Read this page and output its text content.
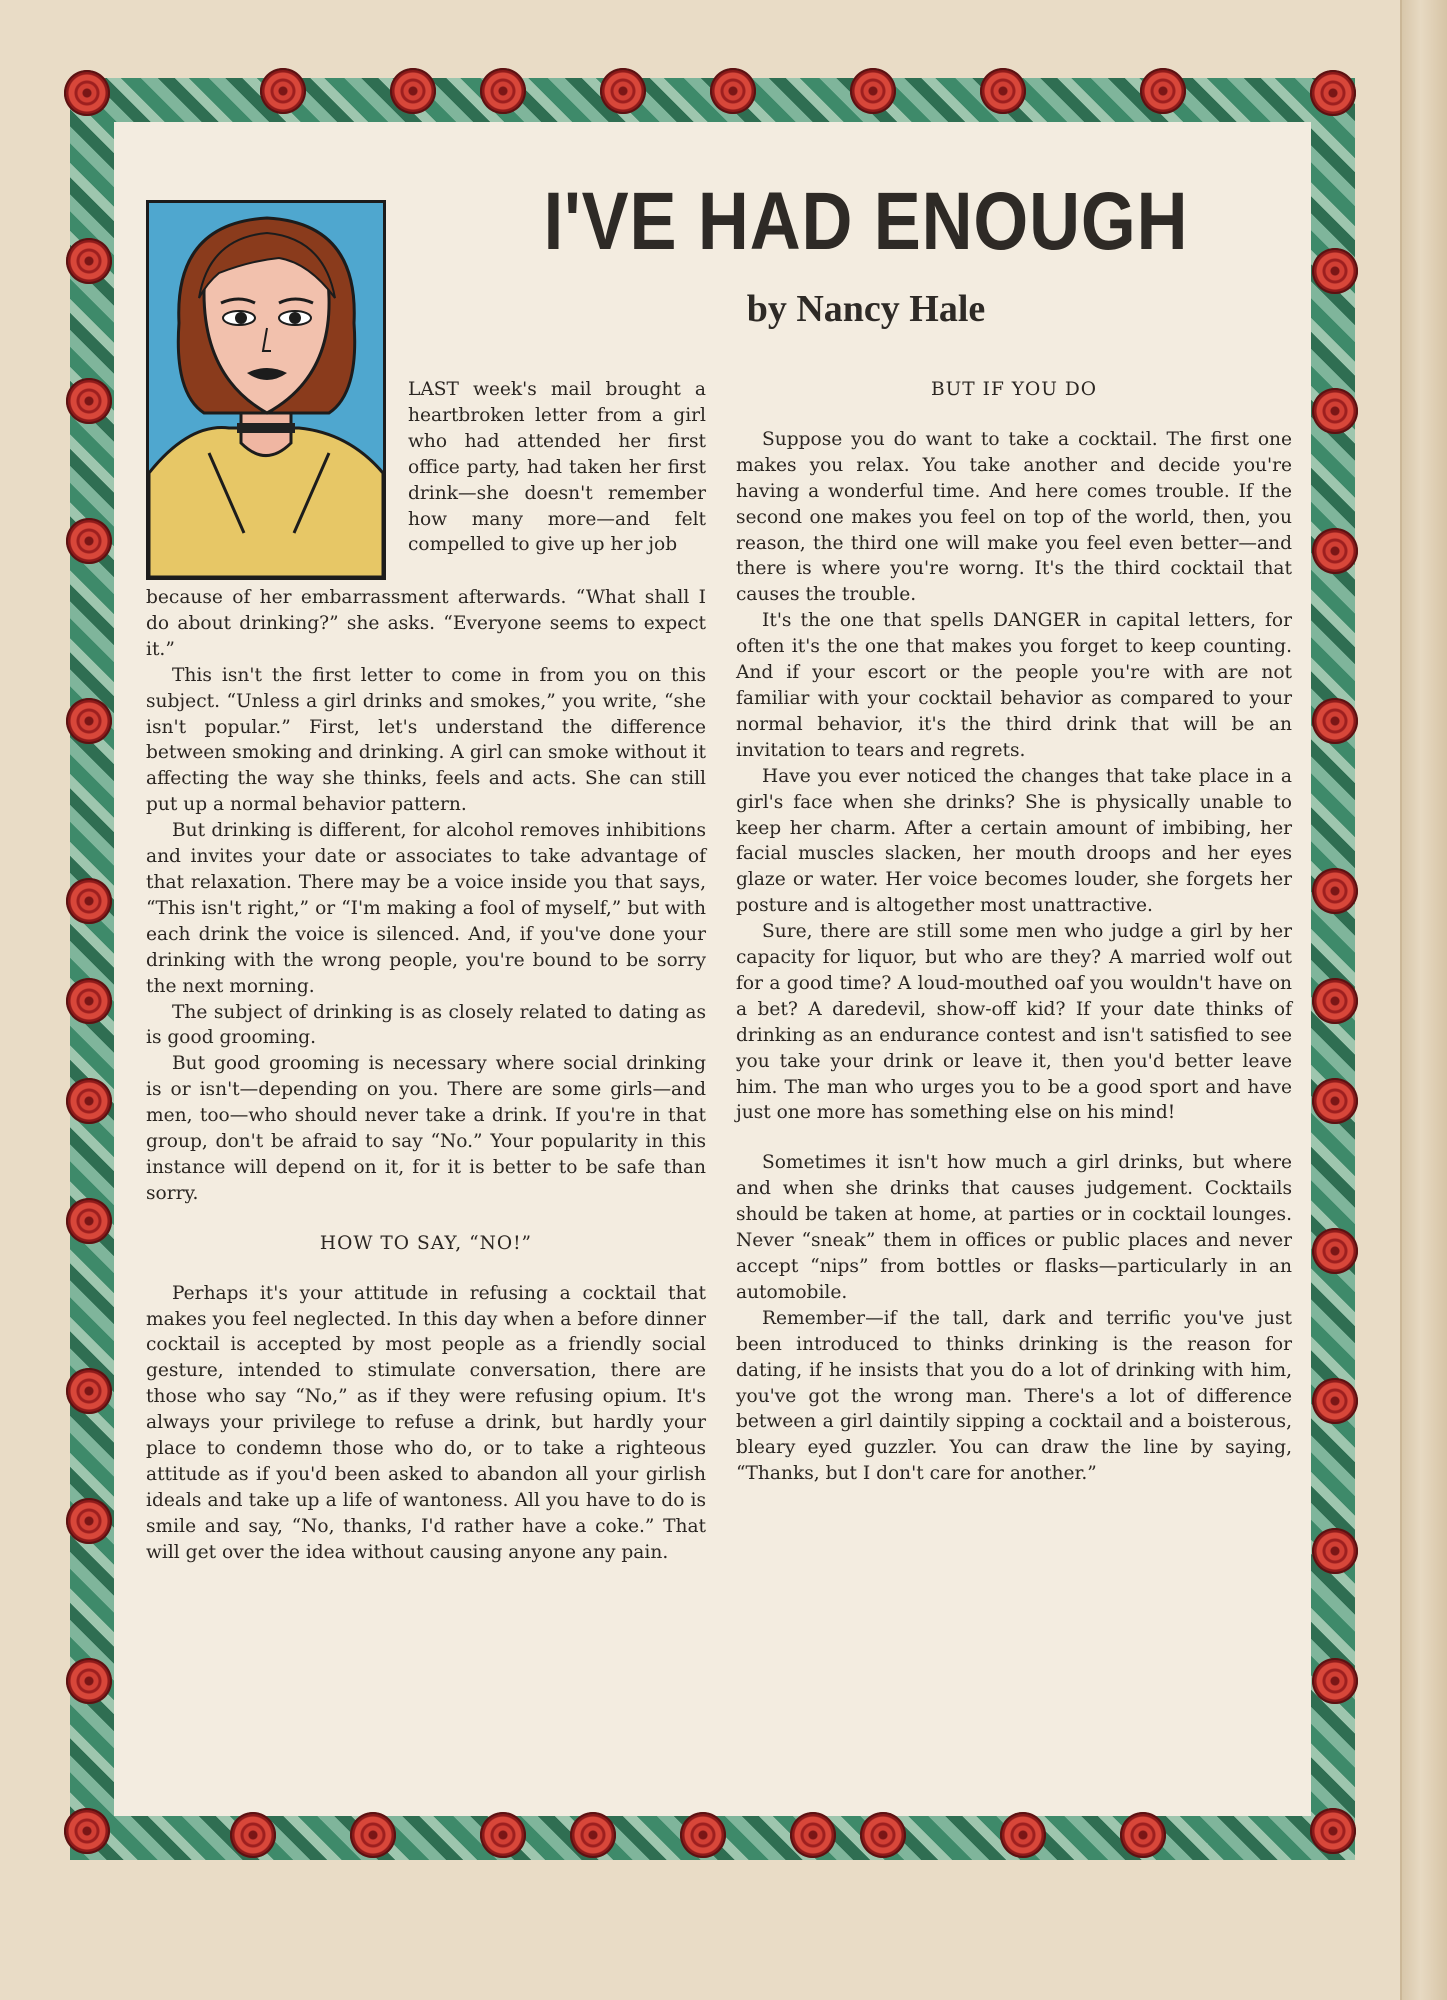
I'VE HAD ENOUGH
by Nancy Hale

LAST week's mail brought a heartbroken letter from a girl who had attended her first office party, had taken her first drink—she doesn't remember how many more—and felt compelled to give up her job

because of her embarrassment afterwards. “What shall I do about drinking?” she asks. “Everyone seems to expect it.”

This isn't the first letter to come in from you on this subject. “Unless a girl drinks and smokes,” you write, “she isn't popular.” First, let's understand the difference between smoking and drinking. A girl can smoke without it affecting the way she thinks, feels and acts. She can still put up a normal behavior pattern.

But drinking is different, for alcohol removes inhibitions and invites your date or associates to take advantage of that relaxation. There may be a voice inside you that says, “This isn't right,” or “I'm making a fool of myself,” but with each drink the voice is silenced. And, if you've done your drinking with the wrong people, you're bound to be sorry the next morning.

The subject of drinking is as closely related to dating as is good grooming.

But good grooming is necessary where social drinking is or isn't—depending on you. There are some girls—and men, too—who should never take a drink. If you're in that group, don't be afraid to say “No.” Your popularity in this instance will depend on it, for it is better to be safe than sorry.

HOW TO SAY, “NO!”

Perhaps it's your attitude in refusing a cocktail that makes you feel neglected. In this day when a before dinner cocktail is accepted by most people as a friendly social gesture, intended to stimulate conversation, there are those who say “No,” as if they were refusing opium. It's always your privilege to refuse a drink, but hardly your place to condemn those who do, or to take a righteous attitude as if you'd been asked to abandon all your girlish ideals and take up a life of wantoness. All you have to do is smile and say, “No, thanks, I'd rather have a coke.” That will get over the idea without causing anyone any pain.

BUT IF YOU DO

Suppose you do want to take a cocktail. The first one makes you relax. You take another and decide you're having a wonderful time. And here comes trouble. If the second one makes you feel on top of the world, then, you reason, the third one will make you feel even better—and there is where you're worng. It's the third cocktail that causes the trouble.

It's the one that spells DANGER in capital letters, for often it's the one that makes you forget to keep counting. And if your escort or the people you're with are not familiar with your cocktail behavior as compared to your normal behavior, it's the third drink that will be an invitation to tears and regrets.

Have you ever noticed the changes that take place in a girl's face when she drinks? She is physically unable to keep her charm. After a certain amount of imbibing, her facial muscles slacken, her mouth droops and her eyes glaze or water. Her voice becomes louder, she forgets her posture and is altogether most unattractive.

Sure, there are still some men who judge a girl by her capacity for liquor, but who are they? A married wolf out for a good time? A loud-mouthed oaf you wouldn't have on a bet? A daredevil, show-off kid? If your date thinks of drinking as an endurance contest and isn't satisfied to see you take your drink or leave it, then you'd better leave him. The man who urges you to be a good sport and have just one more has something else on his mind!

Sometimes it isn't how much a girl drinks, but where and when she drinks that causes judgement. Cocktails should be taken at home, at parties or in cocktail lounges. Never “sneak” them in offices or public places and never accept “nips” from bottles or flasks—particularly in an automobile.

Remember—if the tall, dark and terrific you've just been introduced to thinks drinking is the reason for dating, if he insists that you do a lot of drinking with him, you've got the wrong man. There's a lot of difference between a girl daintily sipping a cocktail and a boisterous, bleary eyed guzzler. You can draw the line by saying, “Thanks, but I don't care for another.”
